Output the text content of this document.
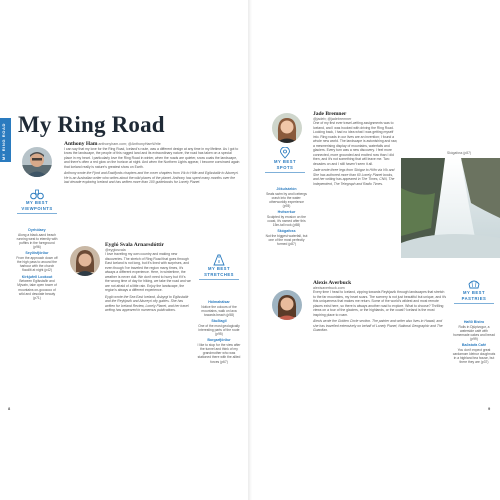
MY RING ROAD My Ring Road
MY BEST
VIEWPOINTS
Dyrhólaey
Along a black-sand beach running west to eternity with puffins in the foreground (p96)
Seyðisfjörður
From the approach down off the high pass to around the harbour with the church floodlit at night (p42)
Kirkjufell Lookout
Between Egilsstaðir and Mývatn, take open tower of mountains on-goooooo of wild and desolate beauty (p71)
Anthony Ham anthonyham.com; @AnthonyHamWrite

I can say that my love for the Ring Road, Iceland’s route, was a different design at any time in my lifetime. As I got to know the landscape, the people of this rugged land and its extraordinary nature, the road has taken on a special place in my heart. I particularly love the Ring Road in winter, when the roads are quieter, snow coats the landscape, and there’s often a red glow on the horizon at night. And when the Northern Lights appear, I become convinced again that Iceland really is nature’s greatest show on Earth.

Anthony wrote the Fjord and Eastfjords chapters and the cover chapters from Vík to Höfn and Egilsstaðir to Akureyri. He is an Australian writer who writes about the wild places of the planet. Anthony has spent many months over the last decade exploring Iceland and has written more than 100 guidebooks for Lonely Planet.

Eygló Svala Arnarsdóttir
@eyglosvala

I love traveling my own country and making new discoveries. The stretch of Ring Road that goes through East Iceland is not long, but it’s lined with surprises, and even though I’ve traveled the region many times, it’s always a different experience. Here, in wintertime, the weather is never dull. We don’t need to hurry but if it’s the wrong time of day for hiking, we take the road and we are not afraid of a little rain. Enjoy the landscape, the region’s always a different experience.

Eygló wrote the Sea East Iceland, Ásbyrgi to Egilsstaðir and the Reykjavík and Akureyri city guides. She has written for Iceland Review, Lonely Planet, and her travel writing has appeared in numerous publications.

MY BEST
STRETCHES
Hólmahálsar
Notice the colours of the mountains, walk on lava towards beach (p58)
Stuðlagil
One of the most geologically interesting parts of the route (p95)
Borgarfjörður
I like to stop for the view after the tunnel and think of my grandmother who was stationed there with the allied forces (p67)
8
MY BEST
SPOTS
Jökulsárlón
Seals swim by and icebergs crash into the water: otherworldly experience (p93)
Hvítserkur
Sculpted by erosion on the coast, it’s named after this 15m-tall rock (p58)
Skógafoss
Not the biggest waterfall, but one of the most perfectly formed (p87)
Jade Bremner
@jadeb; @jadebremner

One of my first ever travel-writing assignments was to Iceland, and I was hooked with driving the Ring Road. Looking back, I had no idea what I was getting myself into. Ring roads in our lives are an invention; I found a whole new world. The landscape is astonishing and raw, a mesmerising display of mountains, waterfalls and glaciers. Every turn was a new discovery. I feel more connected, more grounded and excited now than I did then, and it’s not something that will leave me. Two decades on and I still haven’t seen it all.

Jade wrote three legs from Skógar to Höfn via Vík and She has authored more than 60 Lonely Planet books, and her writing has appeared in The Times, CNN, The Independent, The Telegraph and Radio Times.

Alexis Averbuck
alexisaverbuck.com

Every time I head to Iceland, zipping towards Reykjavík through landscapes that stretch to the far mountains, my heart soars. The scenery is not just beautiful but unique, and it’s this uniqueness that makes me return. Some of the world’s wildest and most remote places exist here, so there is always another road to explore. What to choose? Thrilling views on a tour of the glaciers, or the highlands, or the coast? Iceland is the most inspiring place to roam.

Alexis wrote the Golden Circle section. The painter and writer also lives in Hawaii, and she has travelled extensively on behalf of Lonely Planet, National Geographic and The Guardian.

MY BEST
PASTRIES
Hafið Bistro
Rolls in Djúpivogur, a waterside café with homemade cakes and bread (p99)
Baðstofa Café
You don’t expect great cardamom kleinur doughnuts in a highland tea house, but there they are (p37)
9
Skógafoss (p87)
